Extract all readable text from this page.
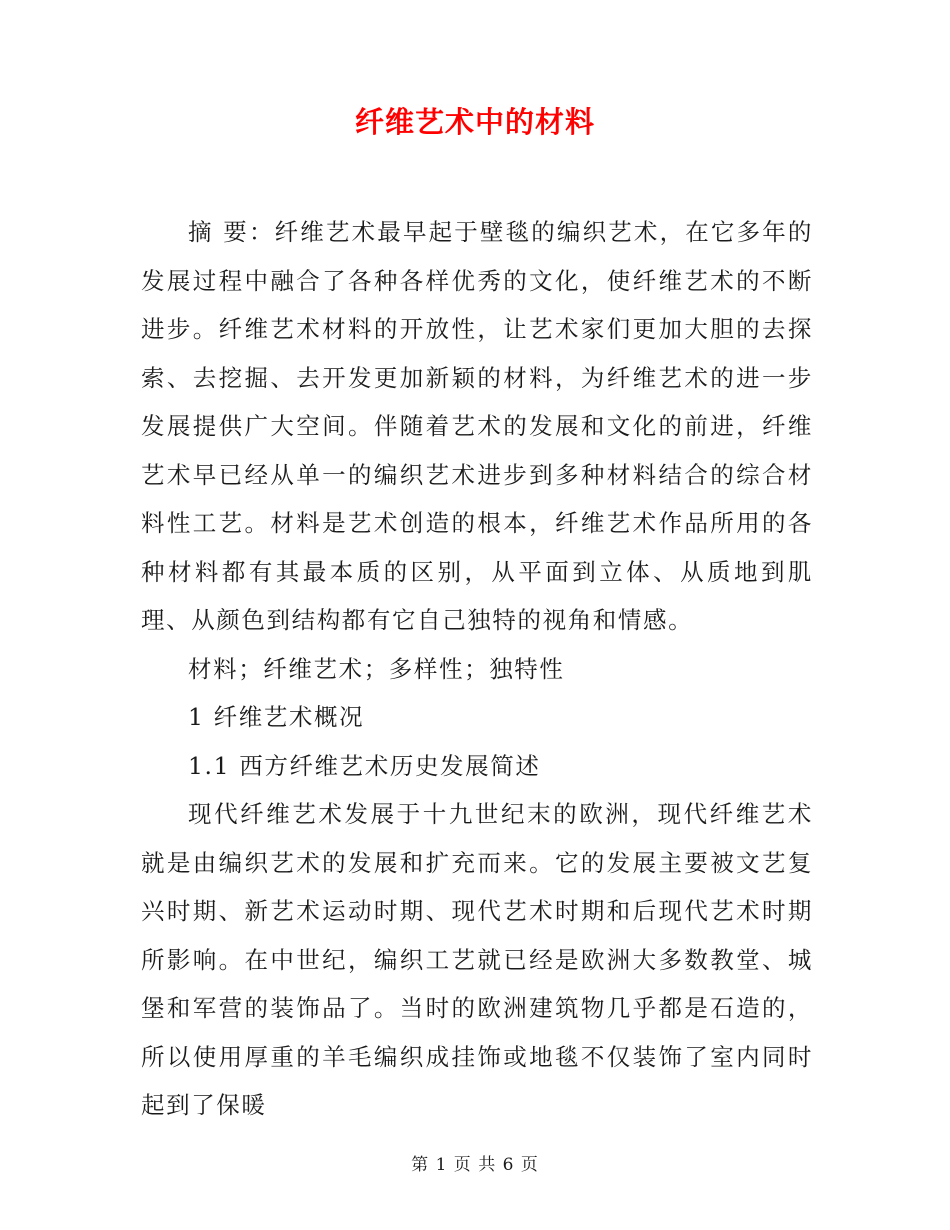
纤维艺术中的材料

摘 要：纤维艺术最早起于壁毯的编织艺术，在它多年的发展过程中融合了各种各样优秀的文化，使纤维艺术的不断进步。纤维艺术材料的开放性，让艺术家们更加大胆的去探索、去挖掘、去开发更加新颖的材料，为纤维艺术的进一步发展提供广大空间。伴随着艺术的发展和文化的前进，纤维艺术早已经从单一的编织艺术进步到多种材料结合的综合材料性工艺。材料是艺术创造的根本，纤维艺术作品所用的各种材料都有其最本质的区别，从平面到立体、从质地到肌理、从颜色到结构都有它自己独特的视角和情感。

材料；纤维艺术；多样性；独特性

1 纤维艺术概况

1.1 西方纤维艺术历史发展简述

现代纤维艺术发展于十九世纪末的欧洲，现代纤维艺术就是由编织艺术的发展和扩充而来。它的发展主要被文艺复兴时期、新艺术运动时期、现代艺术时期和后现代艺术时期所影响。在中世纪，编织工艺就已经是欧洲大多数教堂、城堡和军营的装饰品了。当时的欧洲建筑物几乎都是石造的，所以使用厚重的羊毛编织成挂饰或地毯不仅装饰了室内同时起到了保暖

第 1 页 共 6 页
